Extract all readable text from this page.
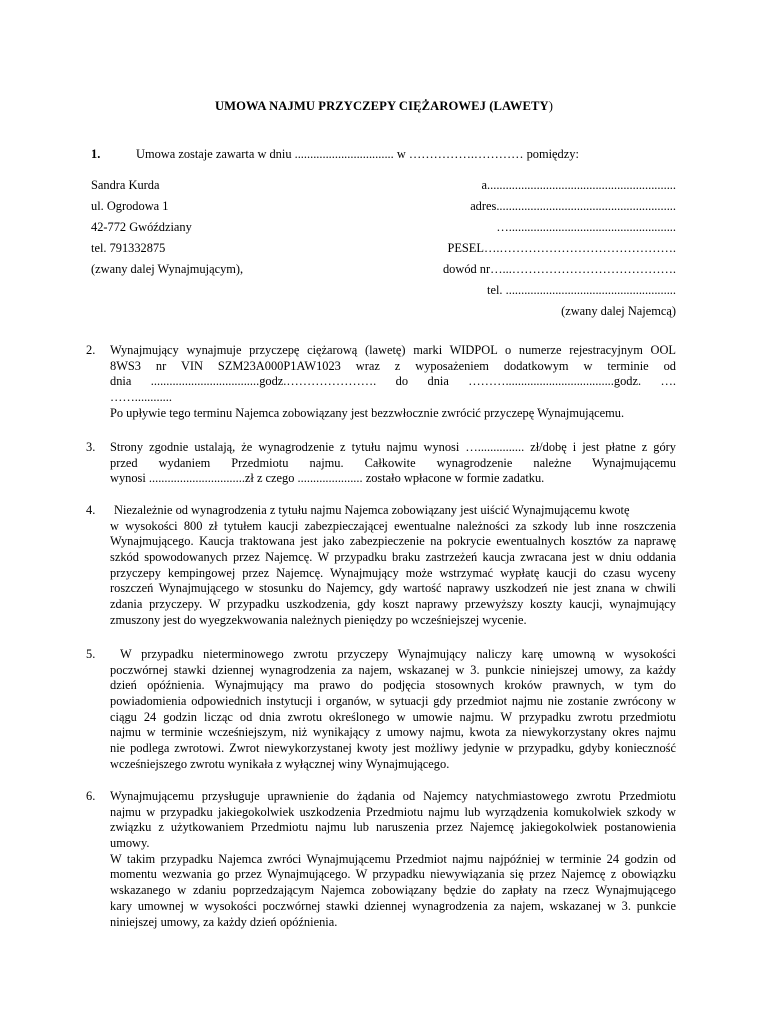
UMOWA NAJMU PRZYCZEPY CIĘŻAROWEJ (LAWETY)
1.	Umowa zostaje zawarta w dniu ................................ w …………….………… pomiędzy:
Sandra Kurda
ul. Ogrodowa 1
42-772 Gwóździany
tel. 791332875
(zwany dalej Wynajmującym),
a.............................................................
adres..........................................................
…......................................................
PESEL….…………………………………….
dowód nr…...………………………………….
tel. .......................................................
(zwany dalej Najemcą)
2. Wynajmujący wynajmuje przyczepę ciężarową (lawetę) marki WIDPOL o numerze rejestracyjnym OOL
8WS3 nr VIN SZM23A000P1AW1023 wraz z wyposażeniem dodatkowym w terminie od
dnia ...................................godz.…………………. do dnia ………...................................godz. ….
……............
Po upływie tego terminu Najemca zobowiązany jest bezzwłocznie zwrócić przyczepę Wynajmującemu.
3. Strony zgodnie ustalają, że wynagrodzenie z tytułu najmu wynosi …............... zł/dobę i jest płatne z góry
przed wydaniem Przedmiotu najmu. Całkowite wynagrodzenie należne Wynajmującemu
wynosi ...............................zł z czego ..................... zostało wpłacone w formie zadatku.
4.	Niezależnie od wynagrodzenia z tytułu najmu Najemca zobowiązany jest uiścić Wynajmującemu kwotę
w wysokości 800 zł tytułem kaucji zabezpieczającej ewentualne należności za szkody lub inne roszczenia
Wynajmującego. Kaucja traktowana jest jako zabezpieczenie na pokrycie ewentualnych kosztów za naprawę
szkód spowodowanych przez Najemcę. W przypadku braku zastrzeżeń kaucja zwracana jest w dniu oddania
przyczepy kempingowej przez Najemcę. Wynajmujący może wstrzymać wypłatę kaucji do czasu wyceny
roszczeń Wynajmującego w stosunku do Najemcy, gdy wartość naprawy uszkodzeń nie jest znana w chwili
zdania przyczepy. W przypadku uszkodzenia, gdy koszt naprawy przewyższy koszty kaucji, wynajmujący
zmuszony jest do wyegzekwowania należnych pieniędzy po wcześniejszej wycenie.
5.	W przypadku nieterminowego zwrotu przyczepy Wynajmujący naliczy karę umowną w wysokości
poczwórnej stawki dziennej wynagrodzenia za najem, wskazanej w 3. punkcie niniejszej umowy, za każdy
dzień opóźnienia. Wynajmujący ma prawo do podjęcia stosownych kroków prawnych, w tym do
powiadomienia odpowiednich instytucji i organów, w sytuacji gdy przedmiot najmu nie zostanie zwrócony w
ciągu 24 godzin licząc od dnia zwrotu określonego w umowie najmu. W przypadku zwrotu przedmiotu
najmu w terminie wcześniejszym, niż wynikający z umowy najmu, kwota za niewykorzystany okres najmu
nie podlega zwrotowi. Zwrot niewykorzystanej kwoty jest możliwy jedynie w przypadku, gdyby konieczność
wcześniejszego zwrotu wynikała z wyłącznej winy Wynajmującego.
6. Wynajmującemu przysługuje uprawnienie do żądania od Najemcy natychmiastowego zwrotu Przedmiotu
najmu w przypadku jakiegokolwiek uszkodzenia Przedmiotu najmu lub wyrządzenia komukolwiek szkody w
związku z użytkowaniem Przedmiotu najmu lub naruszenia przez Najemcę jakiegokolwiek postanowienia
umowy.
W takim przypadku Najemca zwróci Wynajmującemu Przedmiot najmu najpóźniej w terminie 24 godzin od
momentu wezwania go przez Wynajmującego. W przypadku niewywiązania się przez Najemcę z obowiązku
wskazanego w zdaniu poprzedzającym Najemca zobowiązany będzie do zapłaty na rzecz Wynajmującego
kary umownej w wysokości poczwórnej stawki dziennej wynagrodzenia za najem, wskazanej w 3. punkcie
niniejszej umowy, za każdy dzień opóźnienia.
